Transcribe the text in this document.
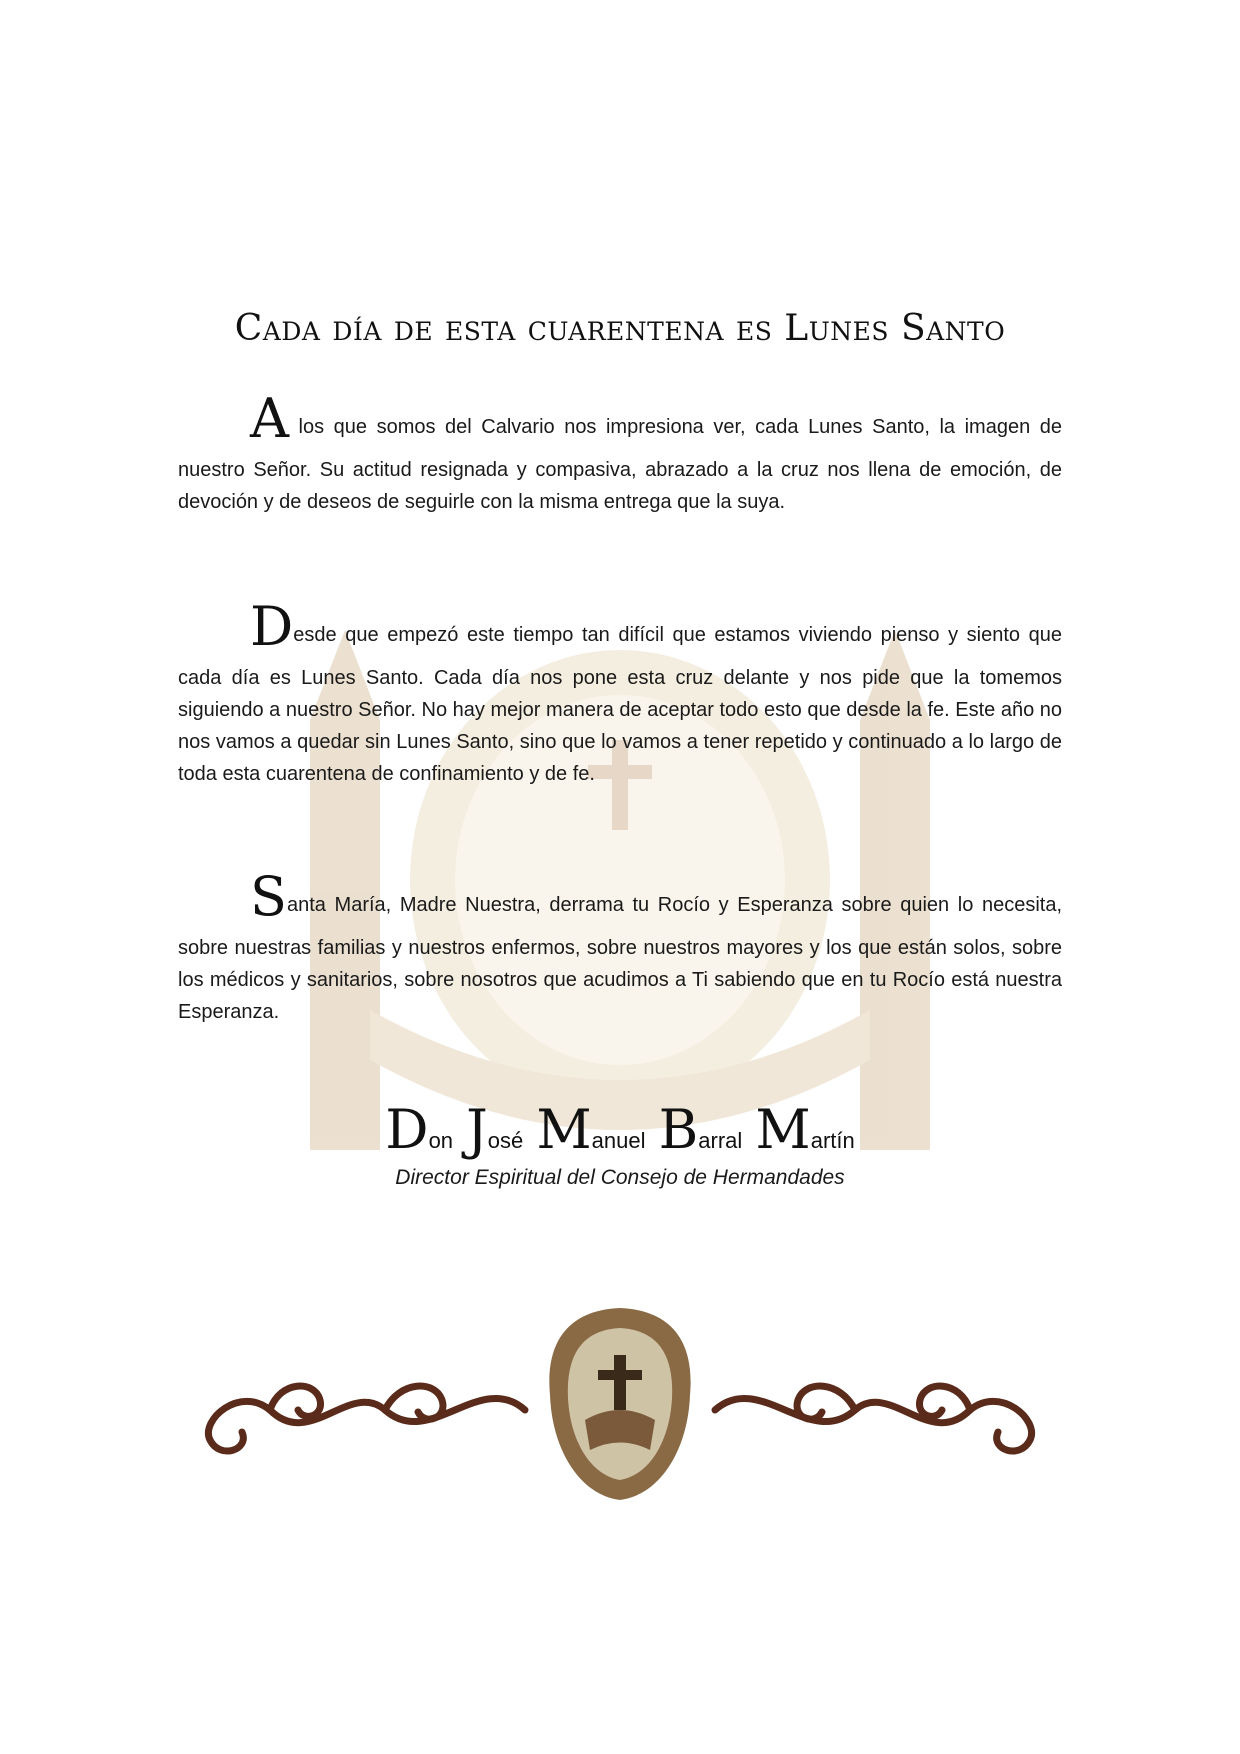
Cada día de esta cuarentena es Lunes Santo
A los que somos del Calvario nos impresiona ver, cada Lunes Santo, la imagen de
nuestro Señor. Su actitud resignada y compasiva, abrazado a la cruz nos llena de emoción, de devoción y de deseos de seguirle con la misma entrega que la suya.
Desde que empezó este tiempo tan difícil que estamos viviendo pienso y siento que
cada día es Lunes Santo. Cada día nos pone esta cruz delante y nos pide que la tomemos siguiendo a nuestro Señor. No hay mejor manera de aceptar todo esto que desde la fe. Este año no nos vamos a quedar sin Lunes Santo, sino que lo vamos a tener repetido y continuado a lo largo de toda esta cuarentena de confinamiento y de fe.
Santa María, Madre Nuestra, derrama tu Rocío y Esperanza sobre quien lo necesita,
sobre nuestras familias y nuestros enfermos, sobre nuestros mayores y los que están solos, sobre los médicos y sanitarios, sobre nosotros que acudimos a Ti sabiendo que en tu Rocío está nuestra Esperanza.
Don José Manuel Barral Martín
Director Espiritual del Consejo de Hermandades
